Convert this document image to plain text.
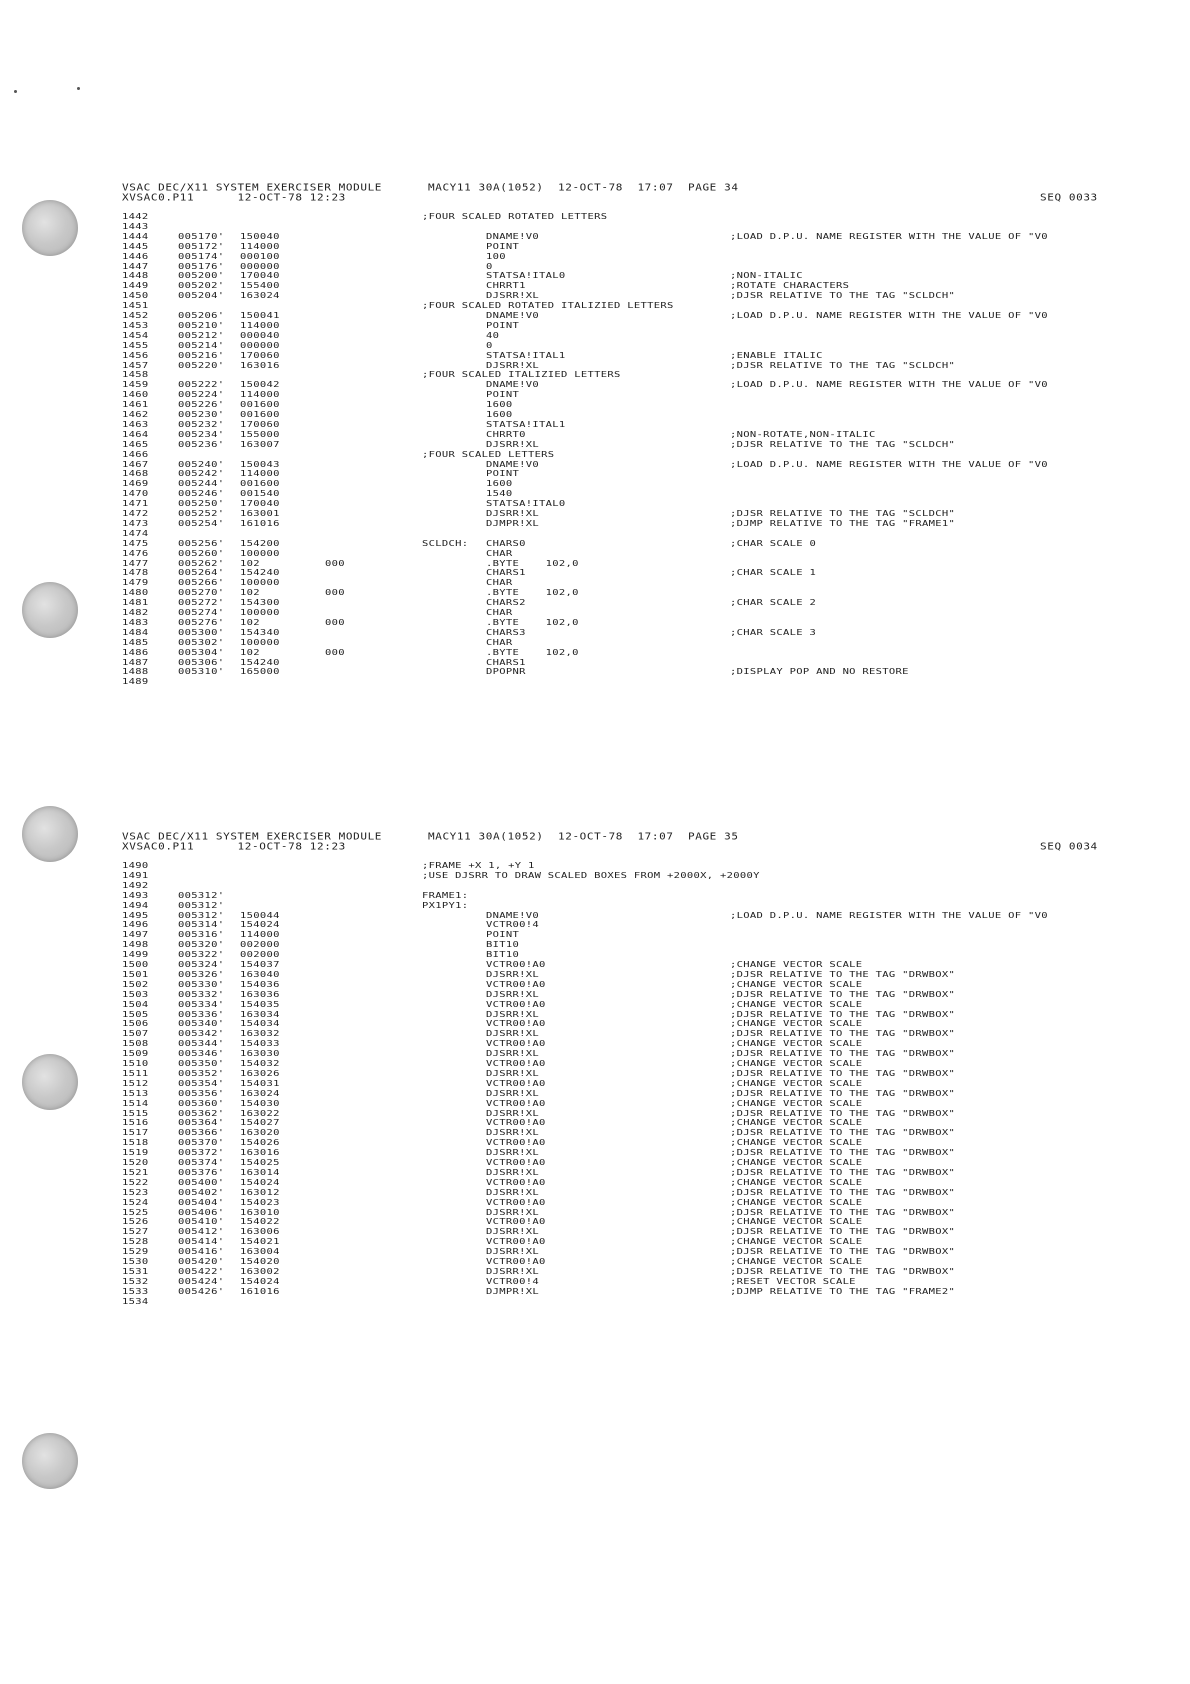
VSAC DEC/X11 SYSTEM EXERCISER MODULE
XVSAC0.P11      12-OCT-78 12:23
MACY11 30A(1052)  12-OCT-78  17:07  PAGE 34
SEQ 0033
1442	;FOUR SCALED ROTATED LETTERS
1443
1444	005170' 150040	DNAME!V0	;LOAD D.P.U. NAME REGISTER WITH THE VALUE OF "V0
1445	005172' 114000	POINT
1446	005174' 000100	100
1447	005176' 000000	0
1448	005200' 170040	STATSA!ITAL0	;NON-ITALIC
1449	005202' 155400	CHRRT1	;ROTATE CHARACTERS
1450	005204' 163024	DJSRR!XL	;DJSR RELATIVE TO THE TAG "SCLDCH"
1451	;FOUR SCALED ROTATED ITALIZIED LETTERS
1452	005206' 150041	DNAME!V0	;LOAD D.P.U. NAME REGISTER WITH THE VALUE OF "V0
1453	005210' 114000	POINT
1454	005212' 000040	40
1455	005214' 000000	0
1456	005216' 170060	STATSA!ITAL1	;ENABLE ITALIC
1457	005220' 163016	DJSRR!XL	;DJSR RELATIVE TO THE TAG "SCLDCH"
1458	;FOUR SCALED ITALIZIED LETTERS
1459	005222' 150042	DNAME!V0	;LOAD D.P.U. NAME REGISTER WITH THE VALUE OF "V0
1460	005224' 114000	POINT
1461	005226' 001600	1600
1462	005230' 001600	1600
1463	005232' 170060	STATSA!ITAL1
1464	005234' 155000	CHRRT0	;NON-ROTATE,NON-ITALIC
1465	005236' 163007	DJSRR!XL	;DJSR RELATIVE TO THE TAG "SCLDCH"
1466	;FOUR SCALED LETTERS
1467	005240' 150043	DNAME!V0	;LOAD D.P.U. NAME REGISTER WITH THE VALUE OF "V0
1468	005242' 114000	POINT
1469	005244' 001600	1600
1470	005246' 001540	1540
1471	005250' 170040	STATSA!ITAL0
1472	005252' 163001	DJSRR!XL	;DJSR RELATIVE TO THE TAG "SCLDCH"
1473	005254' 161016	DJMPR!XL	;DJMP RELATIVE TO THE TAG "FRAME1"
1474
1475	005256' 154200	SCLDCH: CHARS0	;CHAR SCALE 0
1476	005260' 100000	CHAR
1477	005262' 102	000	.BYTE    102,0
1478	005264' 154240	CHARS1	;CHAR SCALE 1
1479	005266' 100000	CHAR
1480	005270' 102	000	.BYTE    102,0
1481	005272' 154300	CHARS2	;CHAR SCALE 2
1482	005274' 100000	CHAR
1483	005276' 102	000	.BYTE    102,0
1484	005300' 154340	CHARS3	;CHAR SCALE 3
1485	005302' 100000	CHAR
1486	005304' 102	000	.BYTE    102,0
1487	005306' 154240	CHARS1
1488	005310' 165000	DPOPNR	;DISPLAY POP AND NO RESTORE
1489
VSAC DEC/X11 SYSTEM EXERCISER MODULE
XVSAC0.P11      12-OCT-78 12:23
MACY11 30A(1052)  12-OCT-78  17:07  PAGE 35
SEQ 0034
1490	;FRAME +X 1, +Y 1
1491	;USE DJSRR TO DRAW SCALED BOXES FROM +2000X, +2000Y
1492
1493	005312'	FRAME1:
1494	005312'	PX1PY1:
1495	005312' 150044	DNAME!V0	;LOAD D.P.U. NAME REGISTER WITH THE VALUE OF "V0
1496	005314' 154024	VCTR00!4
1497	005316' 114000	POINT
1498	005320' 002000	BIT10
1499	005322' 002000	BIT10
1500	005324' 154037	VCTR00!A0	;CHANGE VECTOR SCALE
1501	005326' 163040	DJSRR!XL	;DJSR RELATIVE TO THE TAG "DRWBOX"
1502	005330' 154036	VCTR00!A0	;CHANGE VECTOR SCALE
1503	005332' 163036	DJSRR!XL	;DJSR RELATIVE TO THE TAG "DRWBOX"
1504	005334' 154035	VCTR00!A0	;CHANGE VECTOR SCALE
1505	005336' 163034	DJSRR!XL	;DJSR RELATIVE TO THE TAG "DRWBOX"
1506	005340' 154034	VCTR00!A0	;CHANGE VECTOR SCALE
1507	005342' 163032	DJSRR!XL	;DJSR RELATIVE TO THE TAG "DRWBOX"
1508	005344' 154033	VCTR00!A0	;CHANGE VECTOR SCALE
1509	005346' 163030	DJSRR!XL	;DJSR RELATIVE TO THE TAG "DRWBOX"
1510	005350' 154032	VCTR00!A0	;CHANGE VECTOR SCALE
1511	005352' 163026	DJSRR!XL	;DJSR RELATIVE TO THE TAG "DRWBOX"
1512	005354' 154031	VCTR00!A0	;CHANGE VECTOR SCALE
1513	005356' 163024	DJSRR!XL	;DJSR RELATIVE TO THE TAG "DRWBOX"
1514	005360' 154030	VCTR00!A0	;CHANGE VECTOR SCALE
1515	005362' 163022	DJSRR!XL	;DJSR RELATIVE TO THE TAG "DRWBOX"
1516	005364' 154027	VCTR00!A0	;CHANGE VECTOR SCALE
1517	005366' 163020	DJSRR!XL	;DJSR RELATIVE TO THE TAG "DRWBOX"
1518	005370' 154026	VCTR00!A0	;CHANGE VECTOR SCALE
1519	005372' 163016	DJSRR!XL	;DJSR RELATIVE TO THE TAG "DRWBOX"
1520	005374' 154025	VCTR00!A0	;CHANGE VECTOR SCALE
1521	005376' 163014	DJSRR!XL	;DJSR RELATIVE TO THE TAG "DRWBOX"
1522	005400' 154024	VCTR00!A0	;CHANGE VECTOR SCALE
1523	005402' 163012	DJSRR!XL	;DJSR RELATIVE TO THE TAG "DRWBOX"
1524	005404' 154023	VCTR00!A0	;CHANGE VECTOR SCALE
1525	005406' 163010	DJSRR!XL	;DJSR RELATIVE TO THE TAG "DRWBOX"
1526	005410' 154022	VCTR00!A0	;CHANGE VECTOR SCALE
1527	005412' 163006	DJSRR!XL	;DJSR RELATIVE TO THE TAG "DRWBOX"
1528	005414' 154021	VCTR00!A0	;CHANGE VECTOR SCALE
1529	005416' 163004	DJSRR!XL	;DJSR RELATIVE TO THE TAG "DRWBOX"
1530	005420' 154020	VCTR00!A0	;CHANGE VECTOR SCALE
1531	005422' 163002	DJSRR!XL	;DJSR RELATIVE TO THE TAG "DRWBOX"
1532	005424' 154024	VCTR00!4	;RESET VECTOR SCALE
1533	005426' 161016	DJMPR!XL	;DJMP RELATIVE TO THE TAG "FRAME2"
1534
